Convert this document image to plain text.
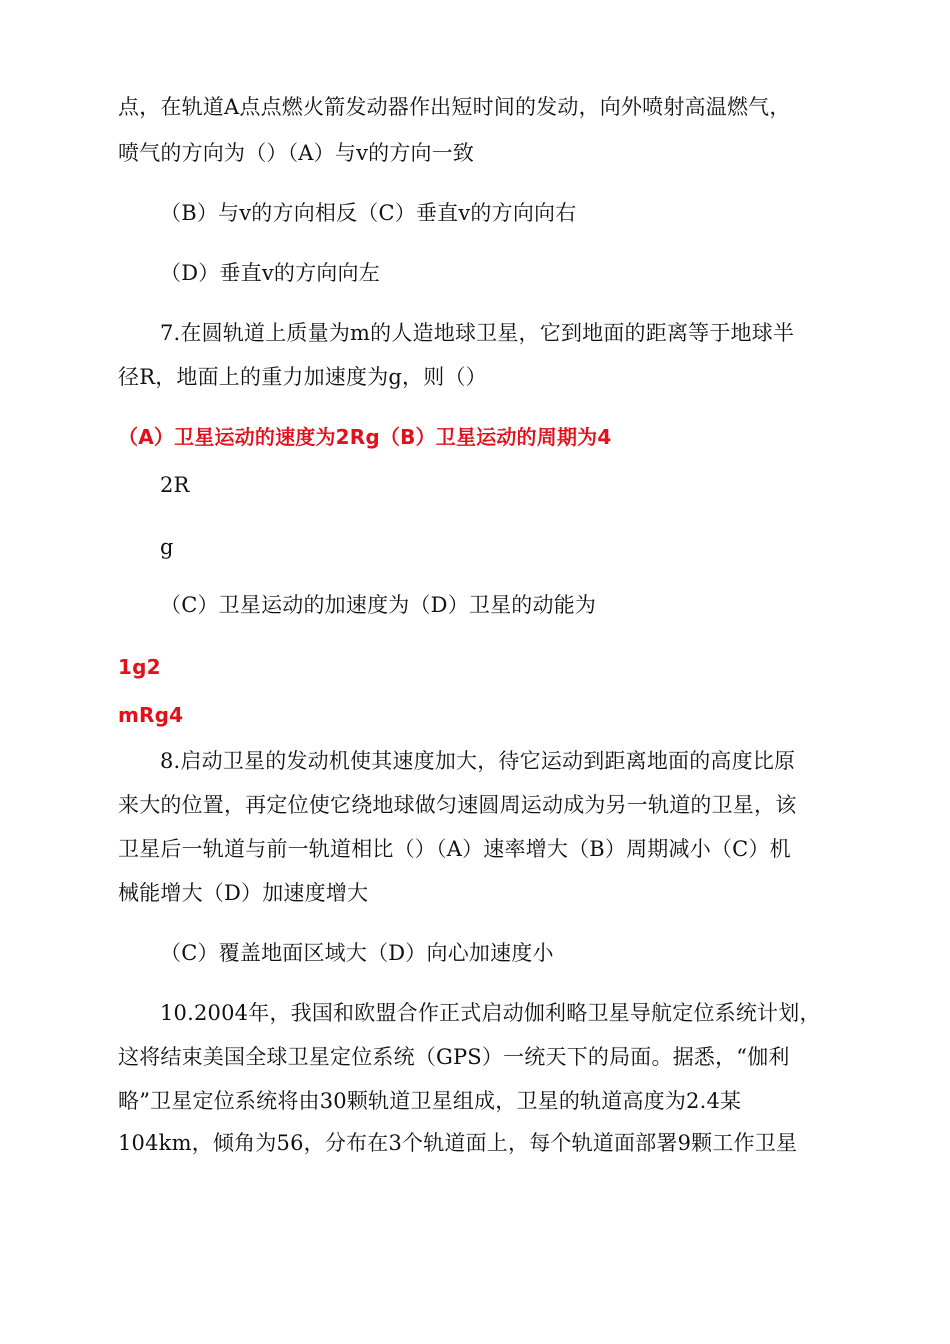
点，在轨道A点点燃火箭发动器作出短时间的发动，向外喷射高温燃气，
喷气的方向为（）（A）与v的方向一致
（B）与v的方向相反（C）垂直v的方向向右
（D）垂直v的方向向左
7.在圆轨道上质量为m的人造地球卫星，它到地面的距离等于地球半
径R，地面上的重力加速度为g，则（）
（A）卫星运动的速度为2Rg（B）卫星运动的周期为4
2R
g
（C）卫星运动的加速度为（D）卫星的动能为
1g2
mRg4
8.启动卫星的发动机使其速度加大，待它运动到距离地面的高度比原
来大的位置，再定位使它绕地球做匀速圆周运动成为另一轨道的卫星，该
卫星后一轨道与前一轨道相比（）（A）速率增大（B）周期减小（C）机
械能增大（D）加速度增大
（C）覆盖地面区域大（D）向心加速度小
10.2004年，我国和欧盟合作正式启动伽利略卫星导航定位系统计划，
这将结束美国全球卫星定位系统（GPS）一统天下的局面。据悉，“伽利
略”卫星定位系统将由30颗轨道卫星组成，卫星的轨道高度为2.4某
104km，倾角为56，分布在3个轨道面上，每个轨道面部署9颗工作卫星
